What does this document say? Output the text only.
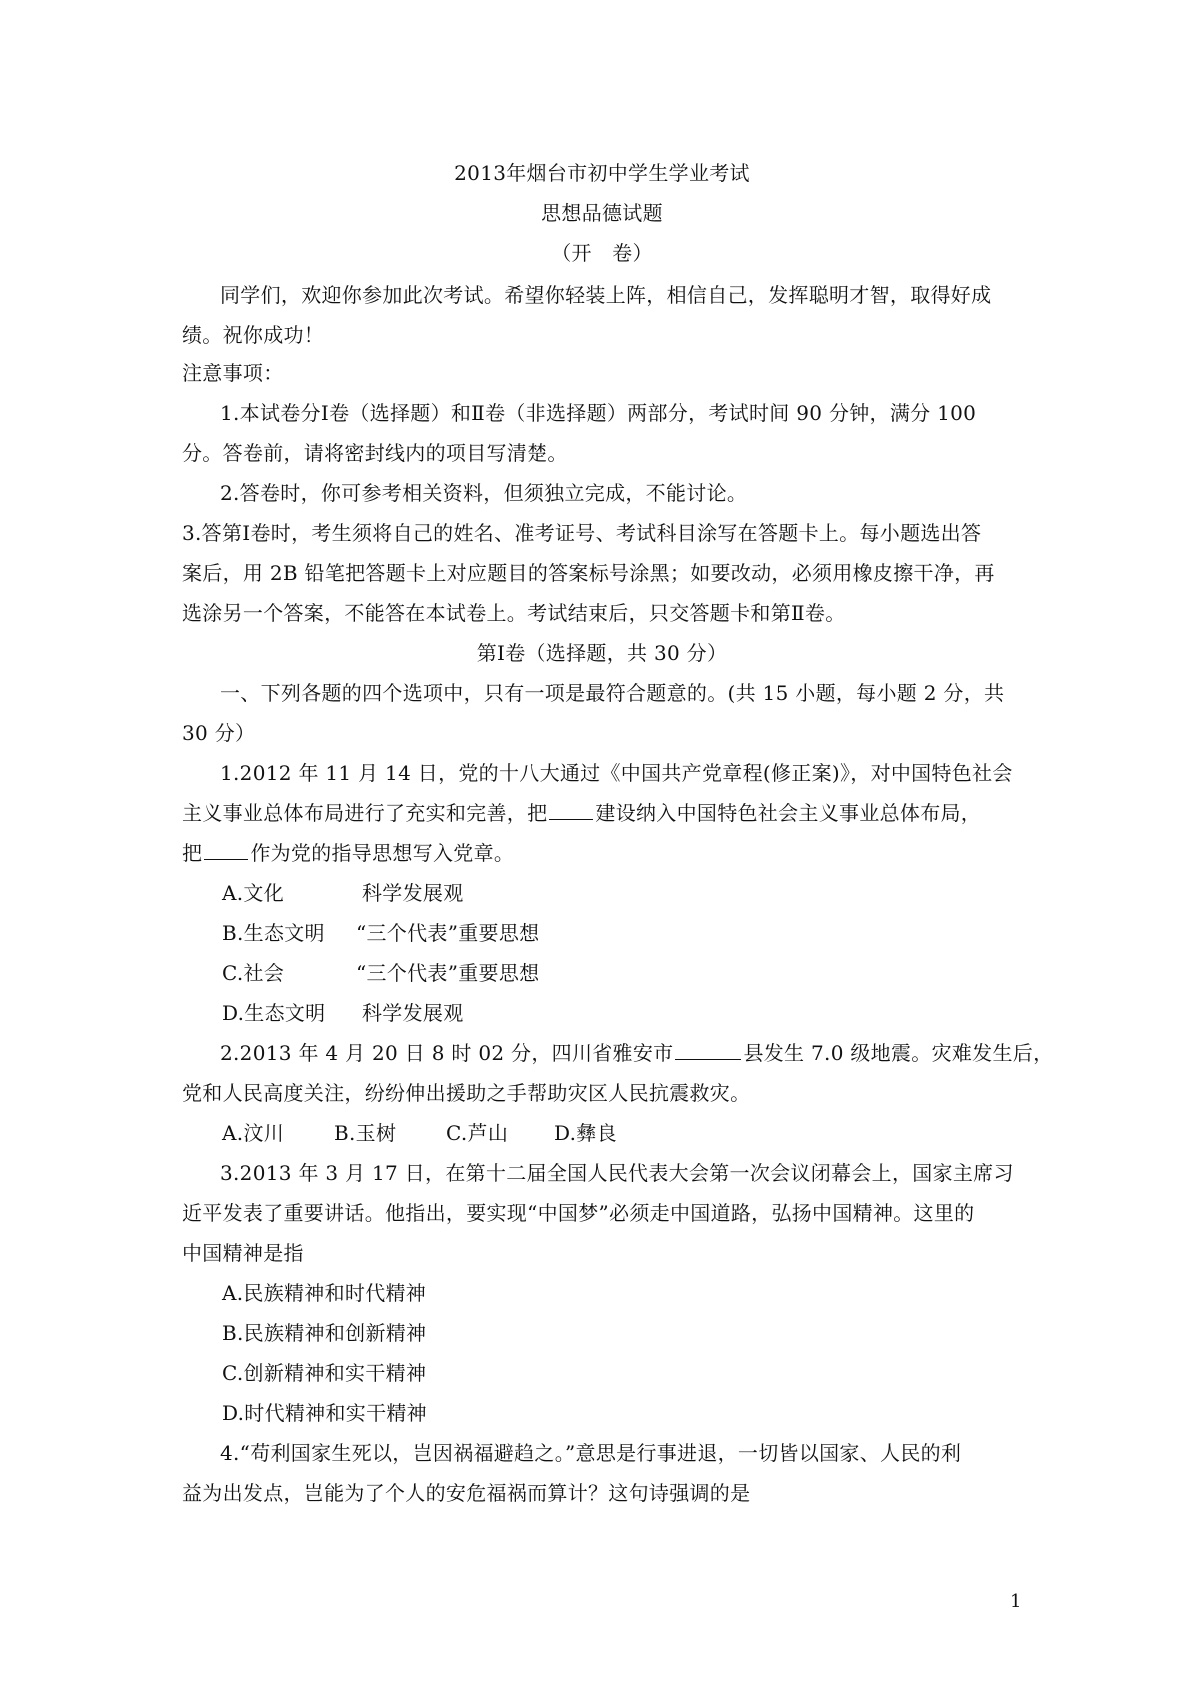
2013年烟台市初中学生学业考试
思想品德试题
（开　卷）
同学们，欢迎你参加此次考试。希望你轻装上阵，相信自己，发挥聪明才智，取得好成
绩。祝你成功！
注意事项：
1.本试卷分Ⅰ卷（选择题）和Ⅱ卷（非选择题）两部分，考试时间 90 分钟，满分 100
分。答卷前，请将密封线内的项目写清楚。
2.答卷时，你可参考相关资料，但须独立完成，不能讨论。
3.答第Ⅰ卷时，考生须将自己的姓名、准考证号、考试科目涂写在答题卡上。每小题选出答
案后，用 2B 铅笔把答题卡上对应题目的答案标号涂黑；如要改动，必须用橡皮擦干净，再
选涂另一个答案，不能答在本试卷上。考试结束后，只交答题卡和第Ⅱ卷。
第Ⅰ卷（选择题，共 30 分）
一、下列各题的四个选项中，只有一项是最符合题意的。(共 15 小题，每小题 2 分，共
30 分）
1.2012 年 11 月 14 日，党的十八大通过《中国共产党章程(修正案)》，对中国特色社会
主义事业总体布局进行了充实和完善，把 建设纳入中国特色社会主义事业总体布局，
把 作为党的指导思想写入党章。
A.文化	科学发展观
B.生态文明 “三个代表”重要思想
C.社会	“三个代表”重要思想
D.生态文明 科学发展观
2.2013 年 4 月 20 日 8 时 02 分，四川省雅安市	县发生 7.0 级地震。灾难发生后，
党和人民高度关注，纷纷伸出援助之手帮助灾区人民抗震救灾。
A.汶川 B.玉树 C.芦山 D.彝良
3.2013 年 3 月 17 日，在第十二届全国人民代表大会第一次会议闭幕会上，国家主席习
近平发表了重要讲话。他指出，要实现“中国梦”必须走中国道路，弘扬中国精神。这里的
中国精神是指
A.民族精神和时代精神
B.民族精神和创新精神
C.创新精神和实干精神
D.时代精神和实干精神
4.“苟利国家生死以，岂因祸福避趋之。”意思是行事进退，一切皆以国家、人民的利
益为出发点，岂能为了个人的安危福祸而算计？这句诗强调的是
1
